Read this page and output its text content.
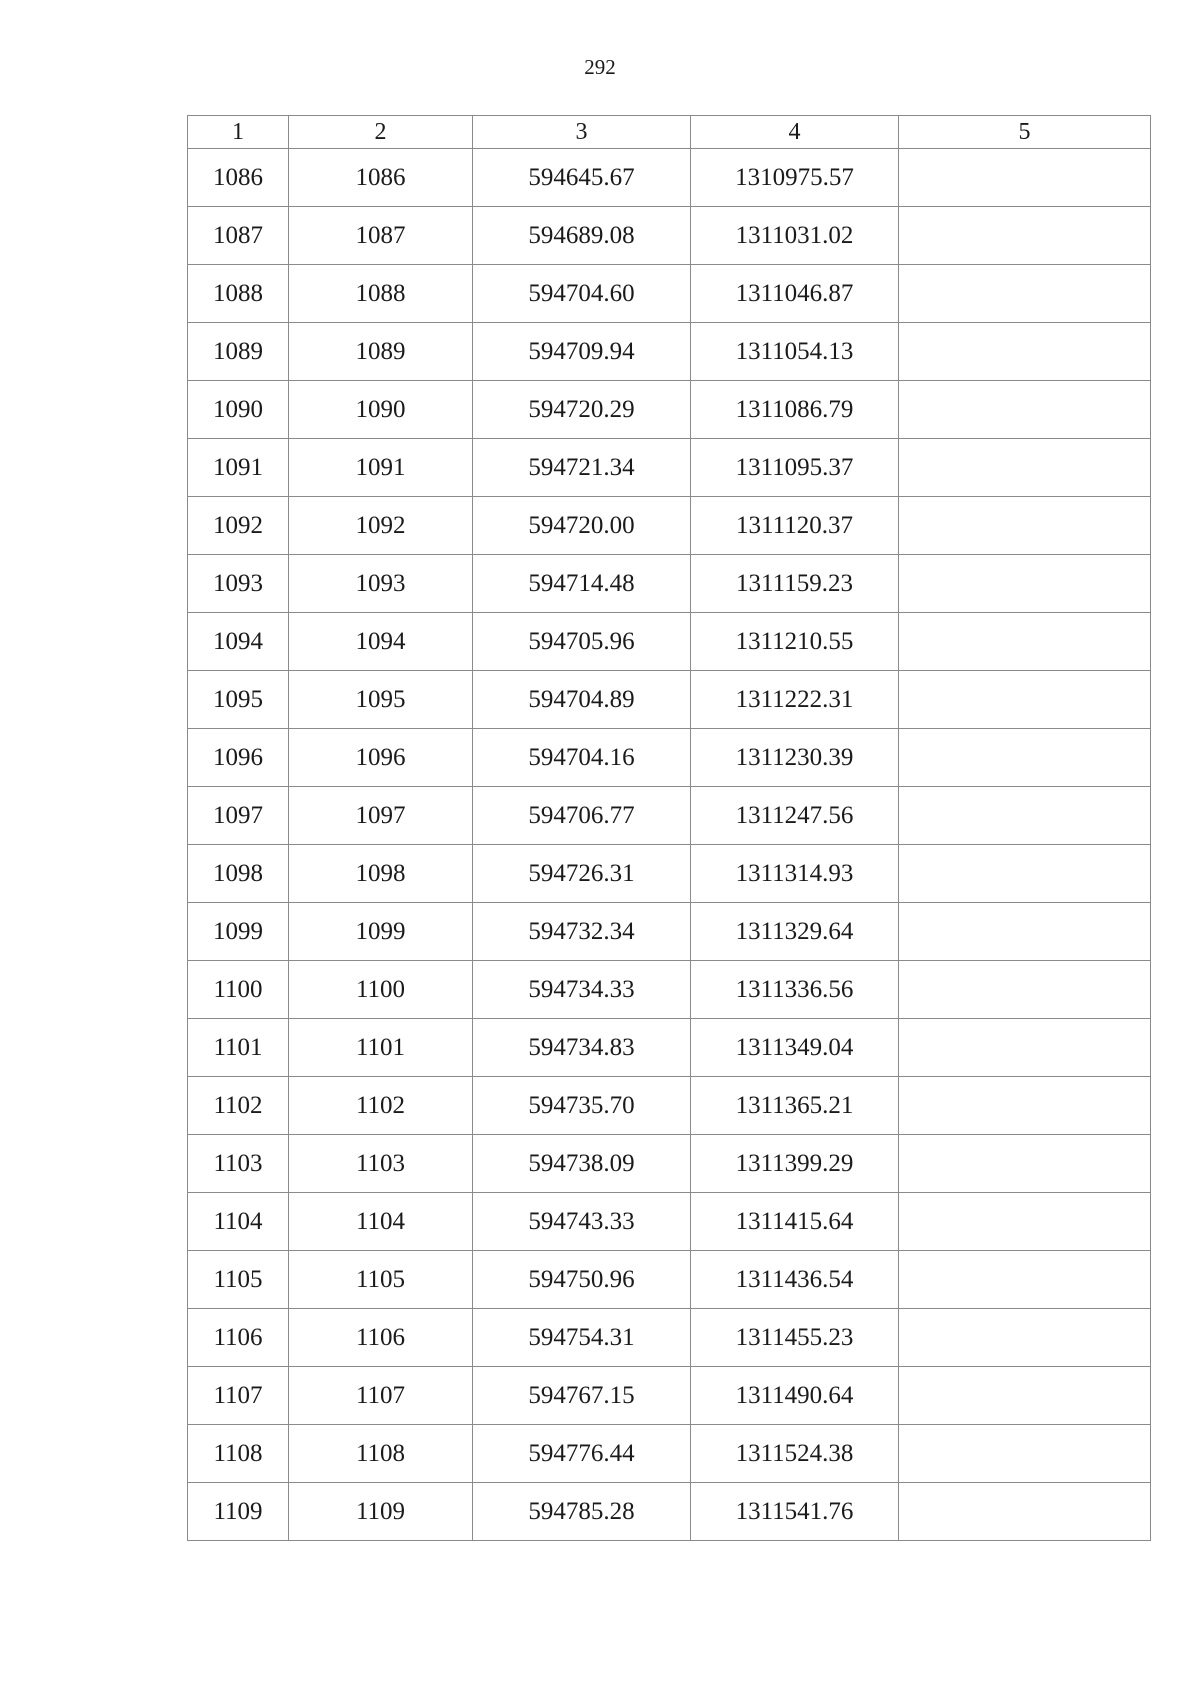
292
1	2	3	4	5
1086	1086	594645.67	1310975.57	
1087	1087	594689.08	1311031.02	
1088	1088	594704.60	1311046.87	
1089	1089	594709.94	1311054.13	
1090	1090	594720.29	1311086.79	
1091	1091	594721.34	1311095.37	
1092	1092	594720.00	1311120.37	
1093	1093	594714.48	1311159.23	
1094	1094	594705.96	1311210.55	
1095	1095	594704.89	1311222.31	
1096	1096	594704.16	1311230.39	
1097	1097	594706.77	1311247.56	
1098	1098	594726.31	1311314.93	
1099	1099	594732.34	1311329.64	
1100	1100	594734.33	1311336.56	
1101	1101	594734.83	1311349.04	
1102	1102	594735.70	1311365.21	
1103	1103	594738.09	1311399.29	
1104	1104	594743.33	1311415.64	
1105	1105	594750.96	1311436.54	
1106	1106	594754.31	1311455.23	
1107	1107	594767.15	1311490.64	
1108	1108	594776.44	1311524.38	
1109	1109	594785.28	1311541.76	
